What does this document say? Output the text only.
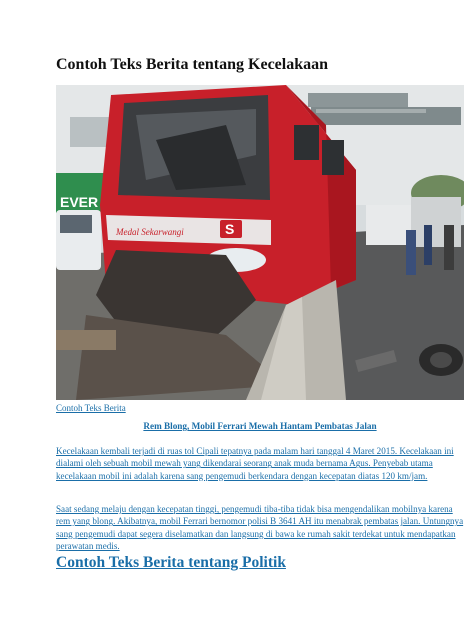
Contoh Teks Berita tentang Kecelakaan
EVER
Medal Sekarwangi	S
Contoh Teks Berita
Rem Blong, Mobil Ferrari Mewah Hantam Pembatas Jalan

Kecelakaan kembali terjadi di ruas tol Cipali tepatnya pada malam hari tanggal 4 Maret 2015. Kecelakaan ini dialami oleh sebuah mobil mewah yang dikendarai seorang anak muda bernama Agus. Penyebab utama kecelakaan mobil ini adalah karena sang pengemudi berkendara dengan kecepatan diatas 120 km/jam.

Saat sedang melaju dengan kecepatan tinggi, pengemudi tiba-tiba tidak bisa mengendalikan mobilnya karena rem yang blong. Akibatnya, mobil Ferrari bernomor polisi B 3641 AH itu menabrak pembatas jalan. Untungnya sang pengemudi dapat segera diselamatkan dan langsung di bawa ke rumah sakit terdekat untuk mendapatkan perawatan medis.

Contoh Teks Berita tentang Politik
